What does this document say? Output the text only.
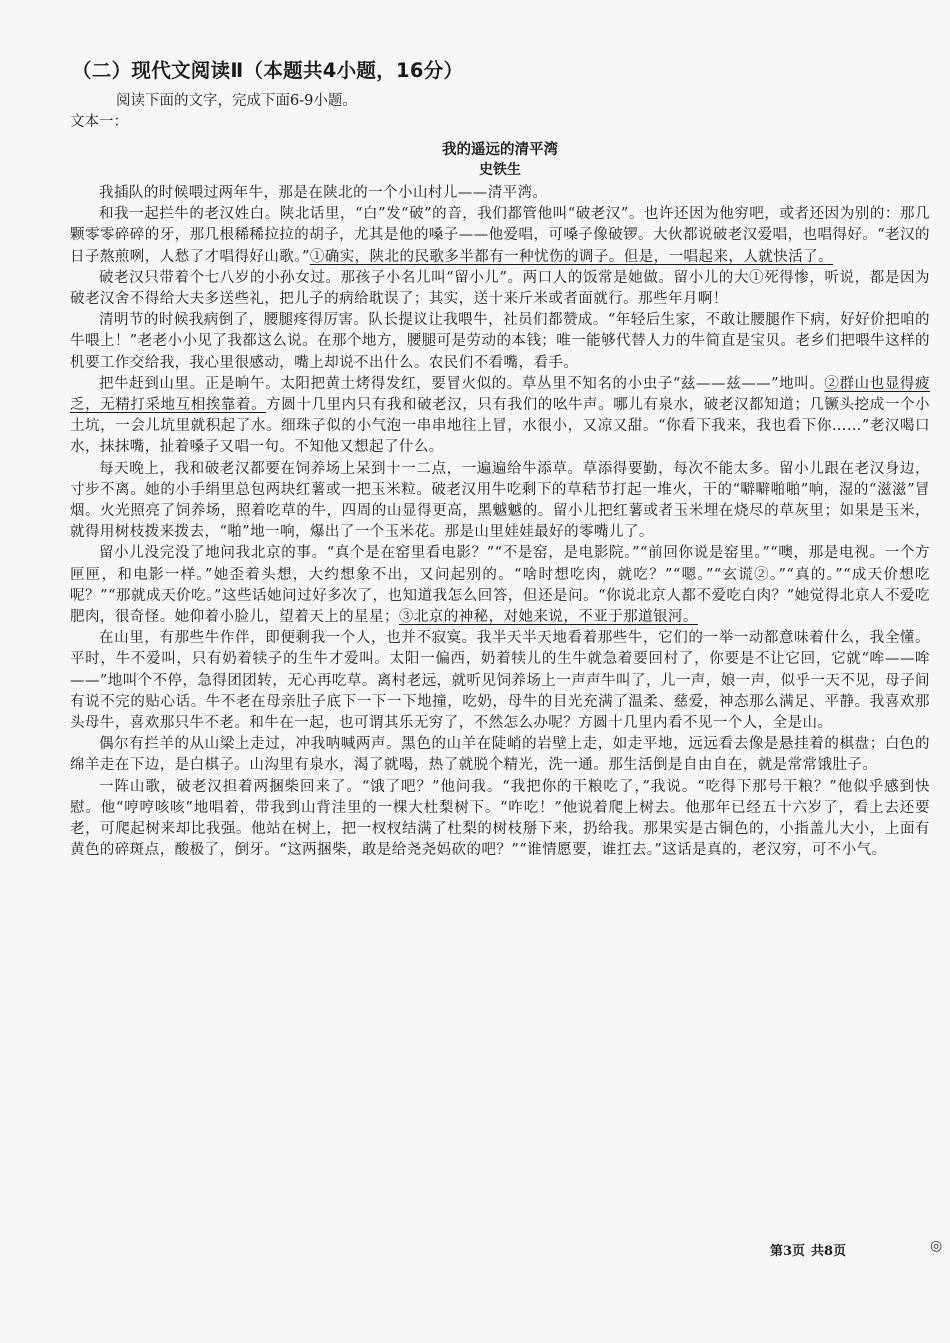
（二）现代文阅读Ⅱ（本题共4小题，16分）
阅读下面的文字，完成下面6-9小题。
文本一：
我的遥远的清平湾
史铁生

我插队的时候喂过两年牛，那是在陕北的一个小山村儿——清平湾。

和我一起拦牛的老汉姓白。陕北话里，“白”发“破”的音，我们都管他叫“破老汉”。也许还因为他穷吧，或者还因为别的：那几颗零零碎碎的牙，那几根稀稀拉拉的胡子，尤其是他的嗓子——他爱唱，可嗓子像破锣。大伙都说破老汉爱唱，也唱得好。“老汉的日子熬煎咧，人愁了才唱得好山歌。”①确实，陕北的民歌多半都有一种忧伤的调子。但是，一唱起来，人就快活了。

破老汉只带着个七八岁的小孙女过。那孩子小名儿叫“留小儿”。两口人的饭常是她做。留小儿的大①死得惨，听说，都是因为破老汉舍不得给大夫多送些礼，把儿子的病给耽误了；其实，送十来斤米或者面就行。那些年月啊！

清明节的时候我病倒了，腰腿疼得厉害。队长提议让我喂牛，社员们都赞成。“年轻后生家，不敢让腰腿作下病，好好价把咱的牛喂上！”老老小小见了我都这么说。在那个地方，腰腿可是劳动的本钱；唯一能够代替人力的牛简直是宝贝。老乡们把喂牛这样的机要工作交给我，我心里很感动，嘴上却说不出什么。农民们不看嘴，看手。

把牛赶到山里。正是晌午。太阳把黄土烤得发红，要冒火似的。草丛里不知名的小虫子“兹——兹——”地叫。②群山也显得疲乏，无精打采地互相挨靠着。方圆十几里内只有我和破老汉，只有我们的吆牛声。哪儿有泉水，破老汉都知道；几镢头挖成一个小土坑，一会儿坑里就积起了水。细珠子似的小气泡一串串地往上冒，水很小，又凉又甜。“你看下我来，我也看下你……”老汉喝口水，抹抹嘴，扯着嗓子又唱一句。不知他又想起了什么。

每天晚上，我和破老汉都要在饲养场上呆到十一二点，一遍遍给牛添草。草添得要勤，每次不能太多。留小儿跟在老汉身边，寸步不离。她的小手绢里总包两块红薯或一把玉米粒。破老汉用牛吃剩下的草秸节打起一堆火，干的“噼噼啪啪”响，湿的“滋滋”冒烟。火光照亮了饲养场，照着吃草的牛，四周的山显得更高，黑魆魆的。留小儿把红薯或者玉米埋在烧尽的草灰里；如果是玉米，就得用树枝拨来拨去，“啪”地一响，爆出了一个玉米花。那是山里娃娃最好的零嘴儿了。

留小儿没完没了地问我北京的事。“真个是在窑里看电影？”“不是窑，是电影院。”“前回你说是窑里。”“噢，那是电视。一个方匣匣，和电影一样。”她歪着头想，大约想象不出，又问起别的。“啥时想吃肉，就吃？”“嗯。”“玄谎②。”“真的。”“成天价想吃呢？”“那就成天价吃。”这些话她问过好多次了，也知道我怎么回答，但还是问。“你说北京人都不爱吃白肉？”她觉得北京人不爱吃肥肉，很奇怪。她仰着小脸儿，望着天上的星星；③北京的神秘，对她来说，不亚于那道银河。

在山里，有那些牛作伴，即便剩我一个人，也并不寂寞。我半天半天地看着那些牛，它们的一举一动都意味着什么，我全懂。平时，牛不爱叫，只有奶着犊子的生牛才爱叫。太阳一偏西，奶着犊儿的生牛就急着要回村了，你要是不让它回，它就“哞——哞——”地叫个不停，急得团团转，无心再吃草。离村老远，就听见饲养场上一声声牛叫了，儿一声，娘一声，似乎一天不见，母子间有说不完的贴心话。牛不老在母亲肚子底下一下一下地撞，吃奶，母牛的目光充满了温柔、慈爱，神态那么满足、平静。我喜欢那头母牛，喜欢那只牛不老。和牛在一起，也可谓其乐无穷了，不然怎么办呢？方圆十几里内看不见一个人，全是山。

偶尔有拦羊的从山梁上走过，冲我呐喊两声。黑色的山羊在陡峭的岩壁上走，如走平地，远远看去像是悬挂着的棋盘；白色的绵羊走在下边，是白棋子。山沟里有泉水，渴了就喝，热了就脱个精光，洗一通。那生活倒是自由自在，就是常常饿肚子。

一阵山歌，破老汉担着两捆柴回来了。“饿了吧？”他问我。“我把你的干粮吃了，”我说。“吃得下那号干粮？”他似乎感到快慰。他“哼哼咳咳”地唱着，带我到山背洼里的一棵大杜梨树下。“咋吃！”他说着爬上树去。他那年已经五十六岁了，看上去还要老，可爬起树来却比我强。他站在树上，把一杈杈结满了杜梨的树枝掰下来，扔给我。那果实是古铜色的，小指盖儿大小，上面有黄色的碎斑点，酸极了，倒牙。“这两捆柴，敢是给尧尧妈砍的吧？”“谁情愿要，谁扛去。”这话是真的，老汉穷，可不小气。

第3页 共8页	◎
